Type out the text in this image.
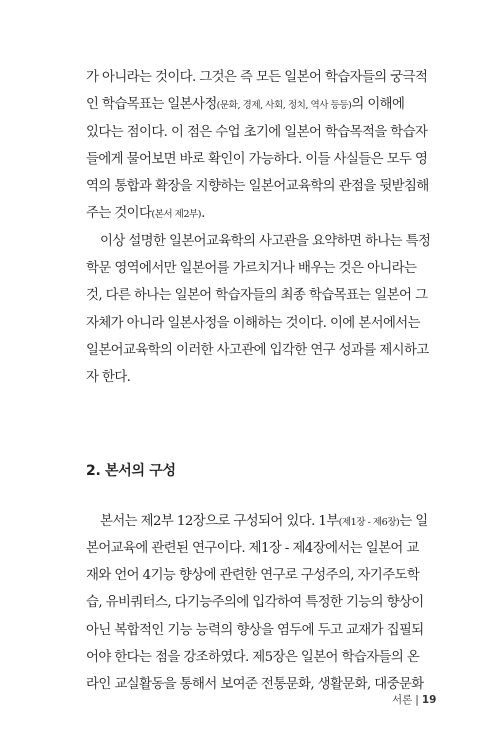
가 아니라는 것이다. 그것은 즉 모든 일본어 학습자들의 궁극적
인 학습목표는 일본사정(문화, 경제, 사회, 정치, 역사 등등)의 이해에
있다는 점이다. 이 점은 수업 초기에 일본어 학습목적을 학습자
들에게 물어보면 바로 확인이 가능하다. 이들 사실들은 모두 영
역의 통합과 확장을 지향하는 일본어교육학의 관점을 뒷받침해
주는 것이다(본서 제2부).
이상 설명한 일본어교육학의 사고관을 요약하면 하나는 특정
학문 영역에서만 일본어를 가르치거나 배우는 것은 아니라는
것, 다른 하나는 일본어 학습자들의 최종 학습목표는 일본어 그
자체가 아니라 일본사정을 이해하는 것이다. 이에 본서에서는
일본어교육학의 이러한 사고관에 입각한 연구 성과를 제시하고
자 한다.
2. 본서의 구성
본서는 제2부 12장으로 구성되어 있다. 1부(제1장 - 제6장)는 일
본어교육에 관련된 연구이다. 제1장 - 제4장에서는 일본어 교
재와 언어 4기능 향상에 관련한 연구로 구성주의, 자기주도학
습, 유비쿼터스, 다기능주의에 입각하여 특정한 기능의 향상이
아닌 복합적인 기능 능력의 향상을 염두에 두고 교재가 집필되
어야 한다는 점을 강조하였다. 제5장은 일본어 학습자들의 온
라인 교실활동을 통해서 보여준 전통문화, 생활문화, 대중문화
서론 | 19
